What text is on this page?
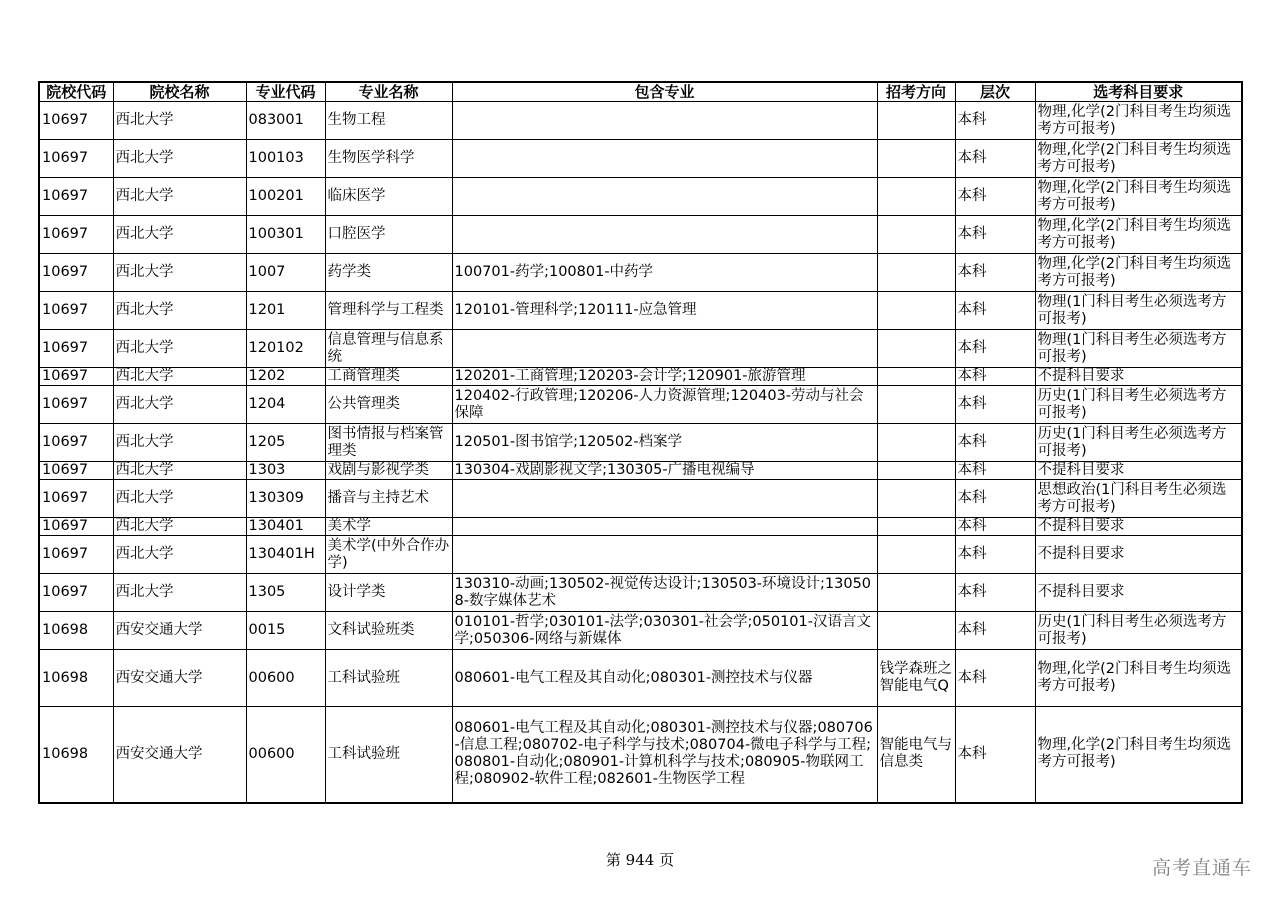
院校代码	院校名称	专业代码	专业名称	包含专业	招考方向	层次	选考科目要求
10697	西北大学	083001	生物工程			本科	物理,化学(2门科目考生均须选考方可报考)
10697	西北大学	100103	生物医学科学			本科	物理,化学(2门科目考生均须选考方可报考)
10697	西北大学	100201	临床医学			本科	物理,化学(2门科目考生均须选考方可报考)
10697	西北大学	100301	口腔医学			本科	物理,化学(2门科目考生均须选考方可报考)
10697	西北大学	1007	药学类	100701-药学;100801-中药学		本科	物理,化学(2门科目考生均须选考方可报考)
10697	西北大学	1201	管理科学与工程类	120101-管理科学;120111-应急管理		本科	物理(1门科目考生必须选考方可报考)
10697	西北大学	120102	信息管理与信息系统			本科	物理(1门科目考生必须选考方可报考)
10697	西北大学	1202	工商管理类	120201-工商管理;120203-会计学;120901-旅游管理		本科	不提科目要求
10697	西北大学	1204	公共管理类	120402-行政管理;120206-人力资源管理;120403-劳动与社会保障		本科	历史(1门科目考生必须选考方可报考)
10697	西北大学	1205	图书情报与档案管理类	120501-图书馆学;120502-档案学		本科	历史(1门科目考生必须选考方可报考)
10697	西北大学	1303	戏剧与影视学类	130304-戏剧影视文学;130305-广播电视编导		本科	不提科目要求
10697	西北大学	130309	播音与主持艺术			本科	思想政治(1门科目考生必须选考方可报考)
10697	西北大学	130401	美术学			本科	不提科目要求
10697	西北大学	130401H	美术学(中外合作办学)			本科	不提科目要求
10697	西北大学	1305	设计学类	130310-动画;130502-视觉传达设计;130503-环境设计;130508-数字媒体艺术		本科	不提科目要求
10698	西安交通大学	0015	文科试验班类	010101-哲学;030101-法学;030301-社会学;050101-汉语言文学;050306-网络与新媒体		本科	历史(1门科目考生必须选考方可报考)
10698	西安交通大学	00600	工科试验班	080601-电气工程及其自动化;080301-测控技术与仪器	钱学森班之智能电气Q	本科	物理,化学(2门科目考生均须选考方可报考)
10698	西安交通大学	00600	工科试验班	080601-电气工程及其自动化;080301-测控技术与仪器;080706-信息工程;080702-电子科学与技术;080704-微电子科学与工程;080801-自动化;080901-计算机科学与技术;080905-物联网工程;080902-软件工程;082601-生物医学工程	智能电气与信息类	本科	物理,化学(2门科目考生均须选考方可报考)
第 944 页	高考直通车
